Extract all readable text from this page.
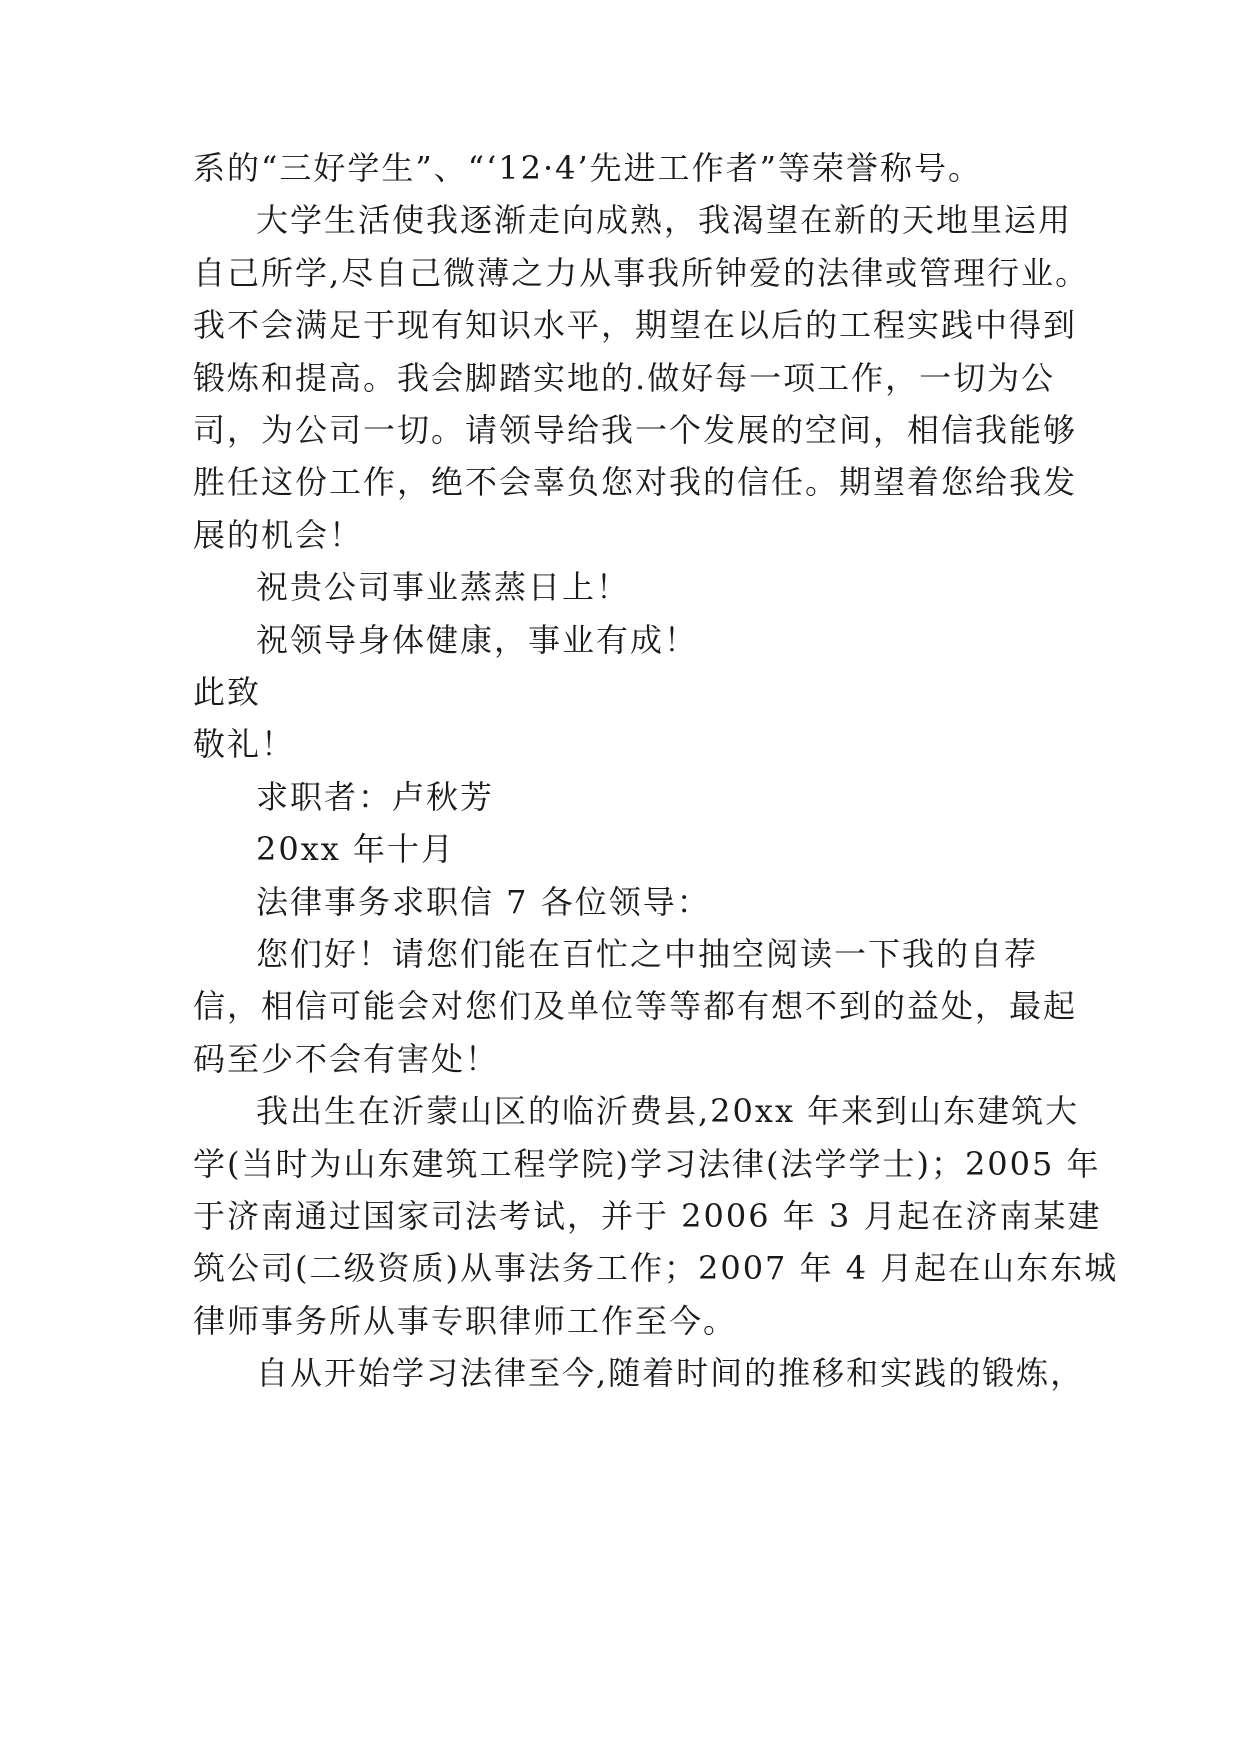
系的“三好学生”、“‘12·4’先进工作者”等荣誉称号。
大学生活使我逐渐走向成熟，我渴望在新的天地里运用
自己所学,尽自己微薄之力从事我所钟爱的法律或管理行业。
我不会满足于现有知识水平，期望在以后的工程实践中得到
锻炼和提高。我会脚踏实地的.做好每一项工作，一切为公
司，为公司一切。请领导给我一个发展的空间，相信我能够
胜任这份工作，绝不会辜负您对我的信任。期望着您给我发
展的机会！
祝贵公司事业蒸蒸日上！
祝领导身体健康，事业有成！
此致
敬礼！
求职者：卢秋芳
20xx 年十月
法律事务求职信 7 各位领导：
您们好！请您们能在百忙之中抽空阅读一下我的自荐
信，相信可能会对您们及单位等等都有想不到的益处，最起
码至少不会有害处！
我出生在沂蒙山区的临沂费县,20xx 年来到山东建筑大
学(当时为山东建筑工程学院)学习法律(法学学士)；2005 年
于济南通过国家司法考试，并于 2006 年 3 月起在济南某建
筑公司(二级资质)从事法务工作；2007 年 4 月起在山东东城
律师事务所从事专职律师工作至今。
自从开始学习法律至今,随着时间的推移和实践的锻炼，
